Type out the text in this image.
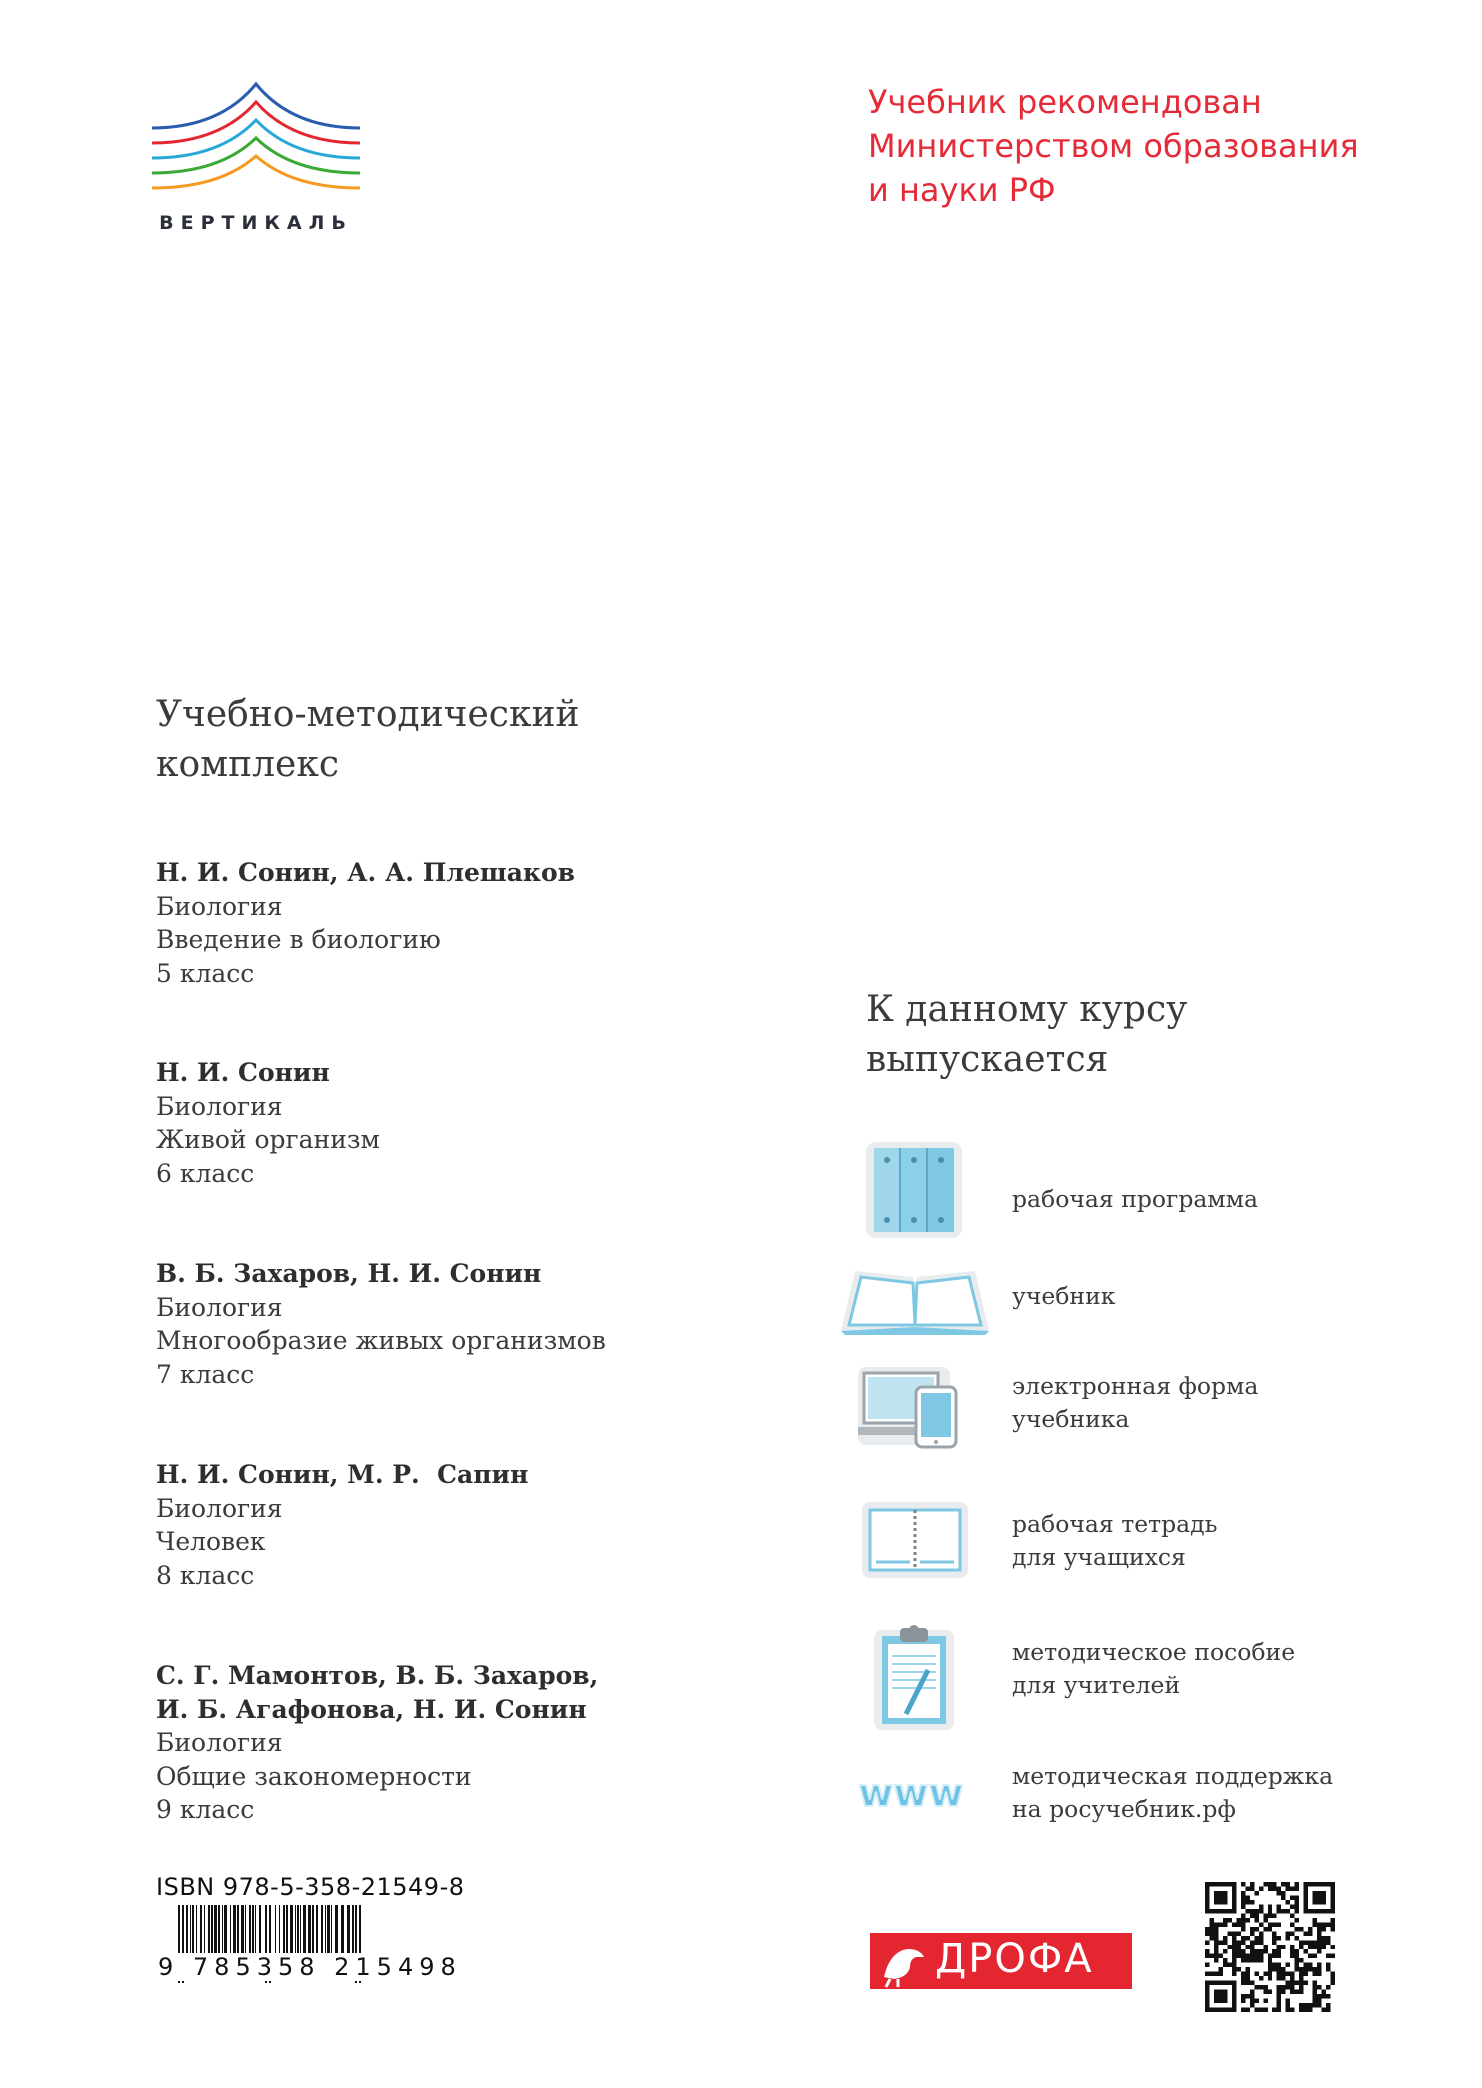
ВЕРТИКАЛЬ
Учебник рекомендован
Министерством образования
и науки РФ
Учебно-методический
комплекс
Н. И. Сонин, А. А. Плешаков
Биология
Введение в биологию
5 класс
Н. И. Сонин
Биология
Живой организм
6 класс
В. Б. Захаров, Н. И. Сонин
Биология
Многообразие живых организмов
7 класс
Н. И. Сонин, М. Р.  Сапин
Биология
Человек
8 класс
С. Г. Мамонтов, В. Б. Захаров,
И. Б. Агафонова, Н. И. Сонин
Биология
Общие закономерности
9 класс
К данному курсу
выпускается
рабочая программа
учебник
электронная форма
учебника
рабочая тетрадь
для учащихся
методическое пособие
для учителей
www методическая поддержка
на росучебник.рф
ISBN 978-5-358-21549-8
9 785358 215498	ДРОФА
